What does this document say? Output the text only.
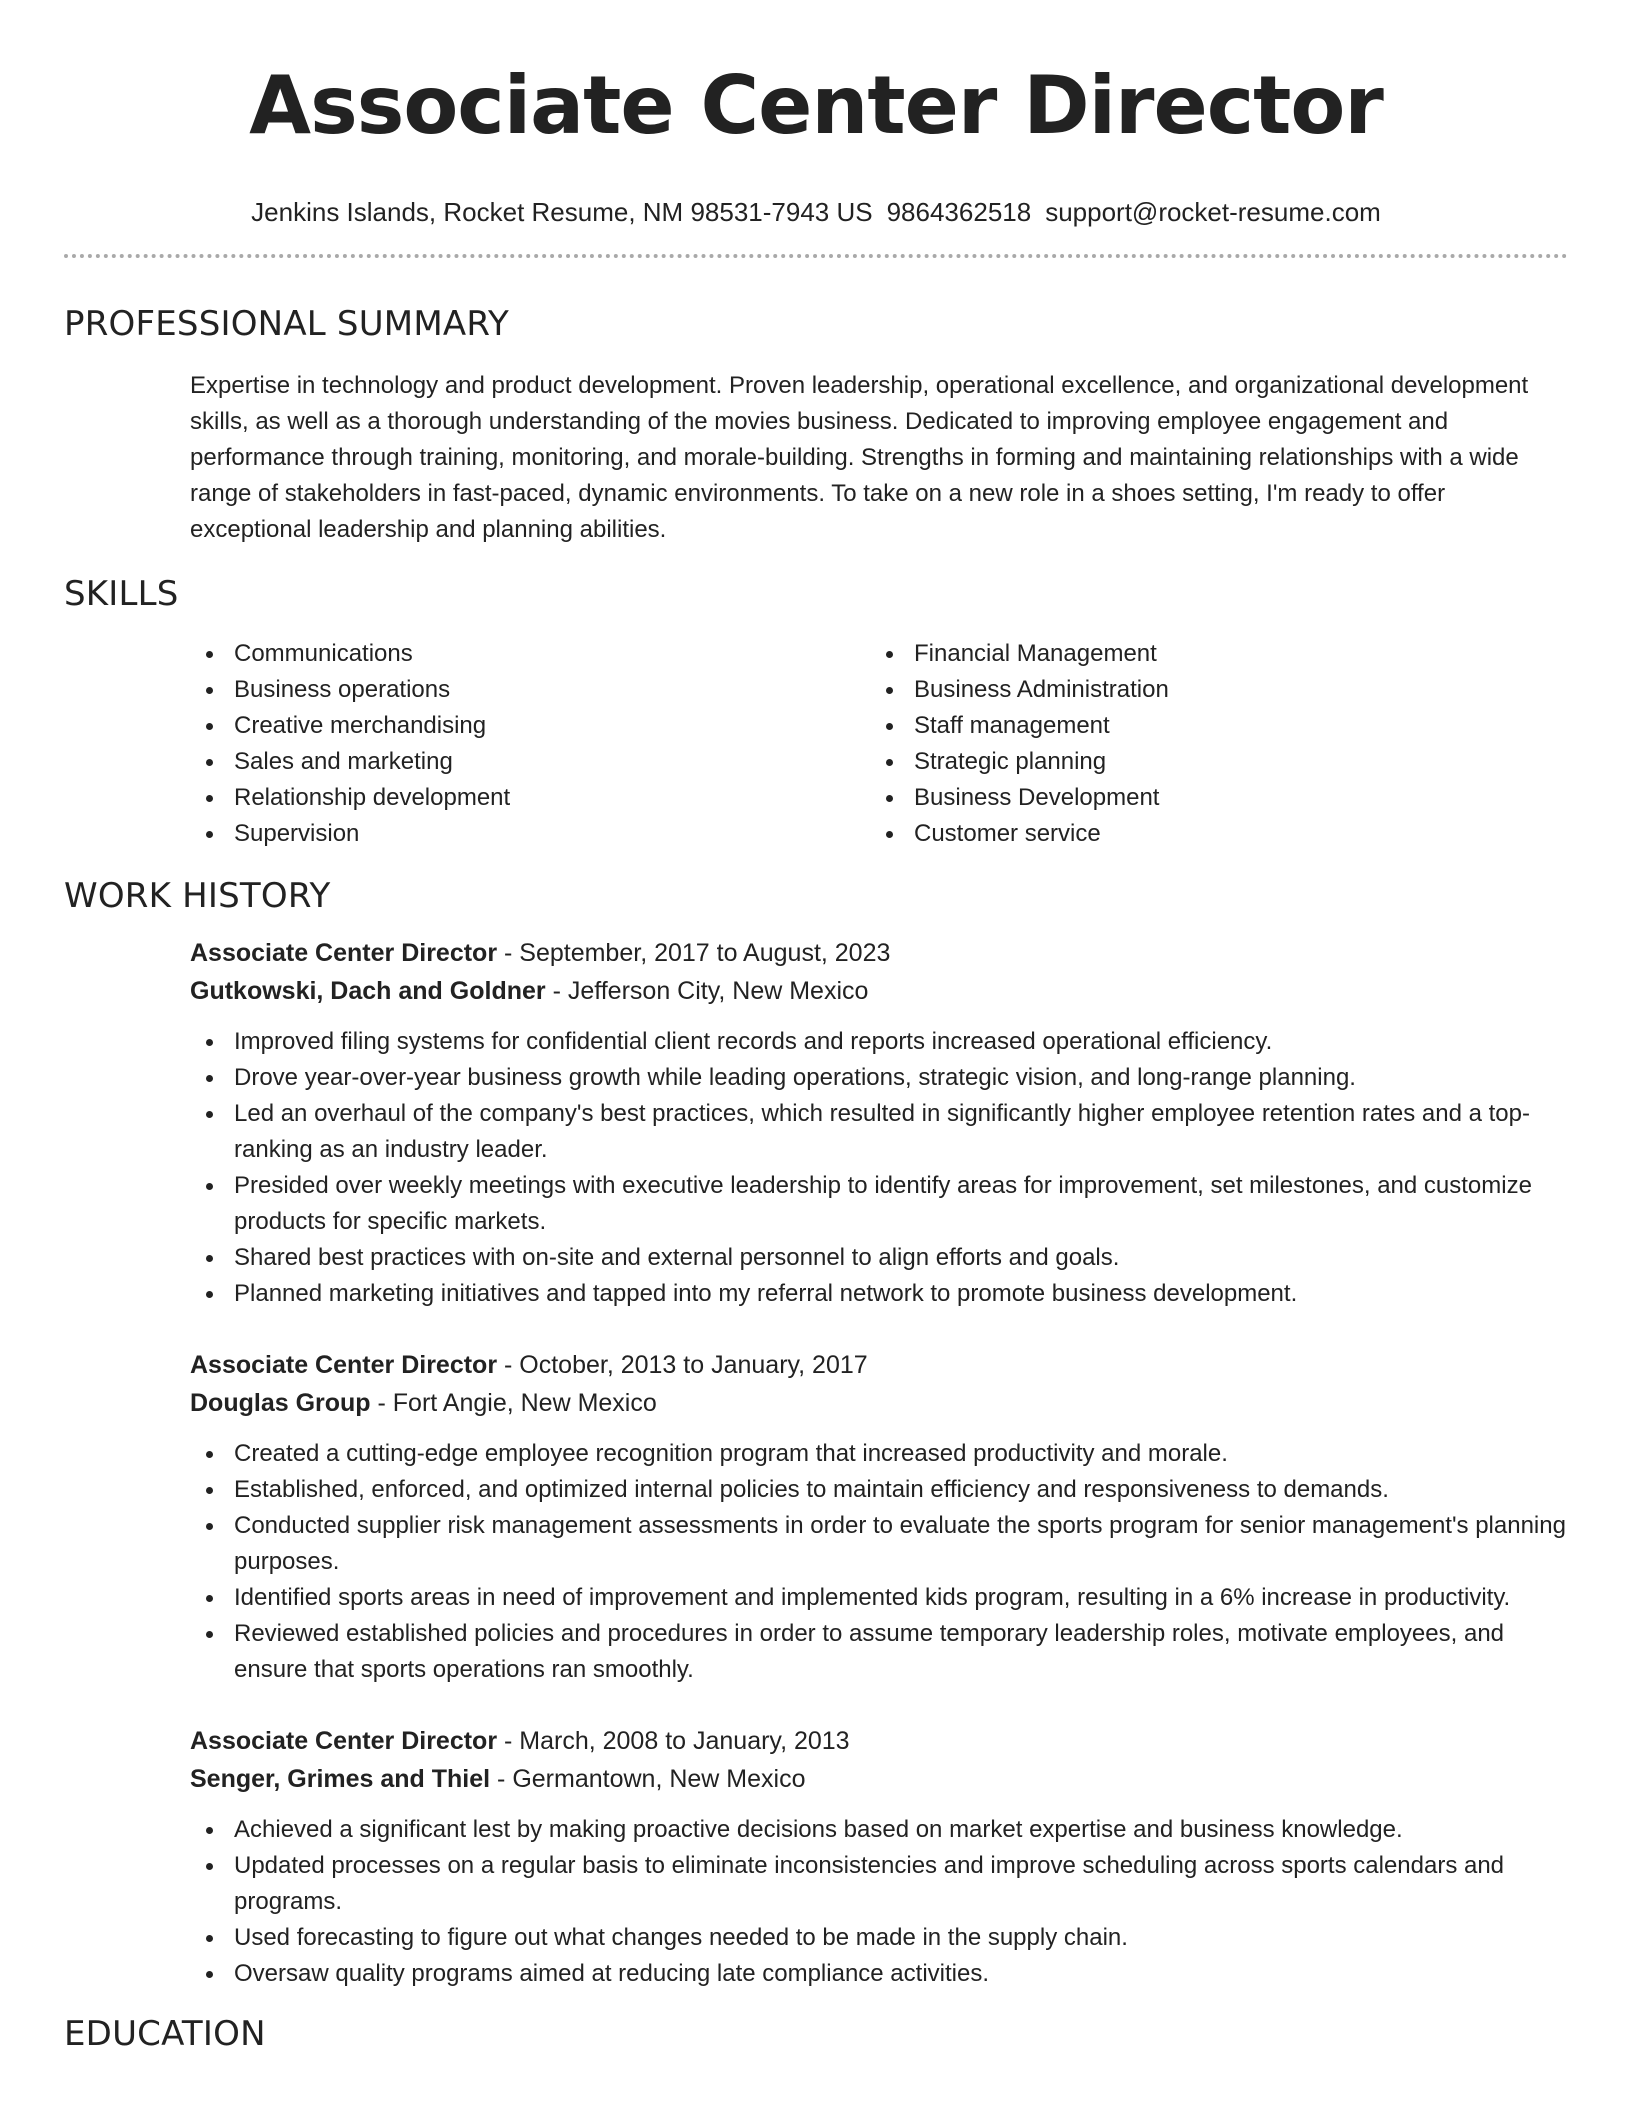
Associate Center Director
Jenkins Islands, Rocket Resume, NM 98531-7943 US 9864362518 support@rocket-resume.com
PROFESSIONAL SUMMARY
Expertise in technology and product development. Proven leadership, operational excellence, and organizational development skills, as well as a thorough understanding of the movies business. Dedicated to improving employee engagement and performance through training, monitoring, and morale-building. Strengths in forming and maintaining relationships with a wide range of stakeholders in fast-paced, dynamic environments. To take on a new role in a shoes setting, I'm ready to offer exceptional leadership and planning abilities.
SKILLS
Communications
Business operations
Creative merchandising
Sales and marketing
Relationship development
Supervision
Financial Management
Business Administration
Staff management
Strategic planning
Business Development
Customer service
WORK HISTORY
Associate Center Director - September, 2017 to August, 2023
Gutkowski, Dach and Goldner - Jefferson City, New Mexico
Improved filing systems for confidential client records and reports increased operational efficiency.
Drove year-over-year business growth while leading operations, strategic vision, and long-range planning.
Led an overhaul of the company's best practices, which resulted in significantly higher employee retention rates and a top-ranking as an industry leader.
Presided over weekly meetings with executive leadership to identify areas for improvement, set milestones, and customize products for specific markets.
Shared best practices with on-site and external personnel to align efforts and goals.
Planned marketing initiatives and tapped into my referral network to promote business development.
Associate Center Director - October, 2013 to January, 2017
Douglas Group - Fort Angie, New Mexico
Created a cutting-edge employee recognition program that increased productivity and morale.
Established, enforced, and optimized internal policies to maintain efficiency and responsiveness to demands.
Conducted supplier risk management assessments in order to evaluate the sports program for senior management's planning purposes.
Identified sports areas in need of improvement and implemented kids program, resulting in a 6% increase in productivity.
Reviewed established policies and procedures in order to assume temporary leadership roles, motivate employees, and ensure that sports operations ran smoothly.
Associate Center Director - March, 2008 to January, 2013
Senger, Grimes and Thiel - Germantown, New Mexico
Achieved a significant lest by making proactive decisions based on market expertise and business knowledge.
Updated processes on a regular basis to eliminate inconsistencies and improve scheduling across sports calendars and programs.
Used forecasting to figure out what changes needed to be made in the supply chain.
Oversaw quality programs aimed at reducing late compliance activities.
EDUCATION
